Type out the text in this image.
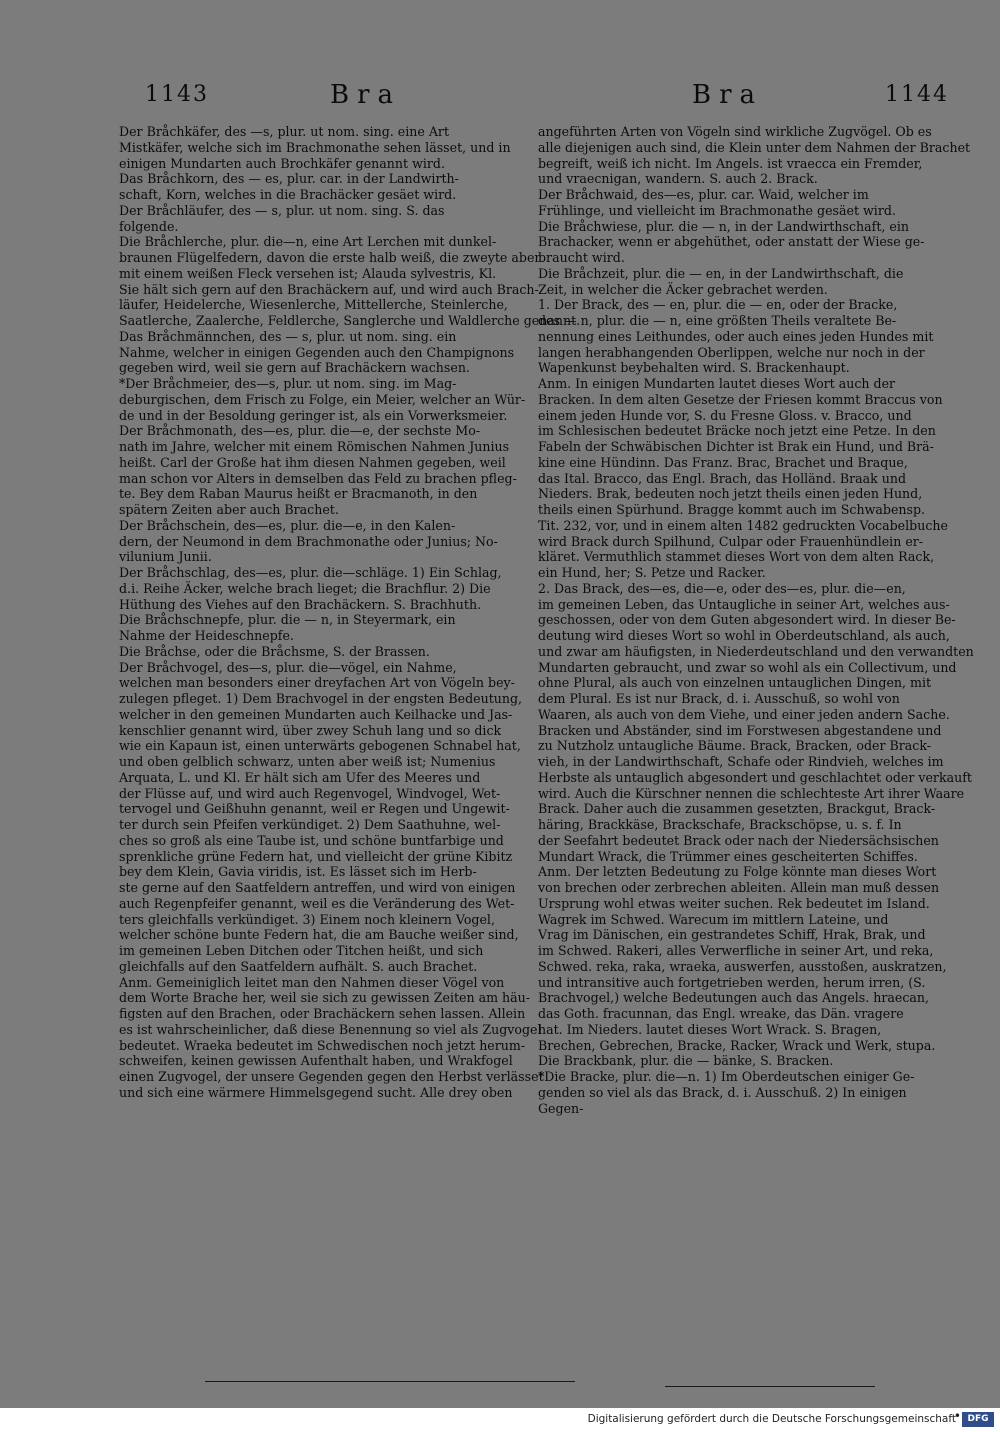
1143	Bra	Bra	1144
Der Bråchkäfer, des —s, plur. ut nom. sing. eine Art
Mistkäfer, welche sich im Brachmonathe sehen lässet, und in
einigen Mundarten auch Brochkäfer genannt wird.
Das Bråchkorn, des — es, plur. car. in der Landwirth-
schaft, Korn, welches in die Brachäcker gesäet wird.
Der Bråchläufer, des — s, plur. ut nom. sing. S. das
folgende.
Die Bråchlerche, plur. die—n, eine Art Lerchen mit dunkel-
braunen Flügelfedern, davon die erste halb weiß, die zweyte aber
mit einem weißen Fleck versehen ist; Alauda sylvestris, Kl.
Sie hält sich gern auf den Brachäckern auf, und wird auch Brach-
läufer, Heidelerche, Wiesenlerche, Mittellerche, Steinlerche,
Saatlerche, Zaalerche, Feldlerche, Sanglerche und Waldlerche genannt.
Das Bråchmännchen, des — s, plur. ut nom. sing. ein
Nahme, welcher in einigen Gegenden auch den Champignons
gegeben wird, weil sie gern auf Brachäckern wachsen.
*Der Bråchmeier, des—s, plur. ut nom. sing. im Mag-
deburgischen, dem Frisch zu Folge, ein Meier, welcher an Wür-
de und in der Besoldung geringer ist, als ein Vorwerksmeier.
Der Bråchmonath, des—es, plur. die—e, der sechste Mo-
nath im Jahre, welcher mit einem Römischen Nahmen Junius
heißt. Carl der Große hat ihm diesen Nahmen gegeben, weil
man schon vor Alters in demselben das Feld zu brachen pfleg-
te. Bey dem Raban Maurus heißt er Bracmanoth, in den
spätern Zeiten aber auch Brachet.
Der Bråchschein, des—es, plur. die—e, in den Kalen-
dern, der Neumond in dem Brachmonathe oder Junius; No-
vilunium Junii.
Der Bråchschlag, des—es, plur. die—schläge. 1) Ein Schlag,
d.i. Reihe Äcker, welche brach lieget; die Brachflur. 2) Die
Hüthung des Viehes auf den Brachäckern. S. Brachhuth.
Die Bråchschnepfe, plur. die — n, in Steyermark, ein
Nahme der Heideschnepfe.
Die Bråchse, oder die Bråchsme, S. der Brassen.
Der Bråchvogel, des—s, plur. die—vögel, ein Nahme,
welchen man besonders einer dreyfachen Art von Vögeln bey-
zulegen pfleget. 1) Dem Brachvogel in der engsten Bedeutung,
welcher in den gemeinen Mundarten auch Keilhacke und Jas-
kenschlier genannt wird, über zwey Schuh lang und so dick
wie ein Kapaun ist, einen unterwärts gebogenen Schnabel hat,
und oben gelblich schwarz, unten aber weiß ist; Numenius
Arquata, L. und Kl. Er hält sich am Ufer des Meeres und
der Flüsse auf, und wird auch Regenvogel, Windvogel, Wet-
tervogel und Geißhuhn genannt, weil er Regen und Ungewit-
ter durch sein Pfeifen verkündiget. 2) Dem Saathuhne, wel-
ches so groß als eine Taube ist, und schöne buntfarbige und
sprenkliche grüne Federn hat, und vielleicht der grüne Kibitz
bey dem Klein, Gavia viridis, ist. Es lässet sich im Herb-
ste gerne auf den Saatfeldern antreffen, und wird von einigen
auch Regenpfeifer genannt, weil es die Veränderung des Wet-
ters gleichfalls verkündiget. 3) Einem noch kleinern Vogel,
welcher schöne bunte Federn hat, die am Bauche weißer sind,
im gemeinen Leben Ditchen oder Titchen heißt, und sich
gleichfalls auf den Saatfeldern aufhält. S. auch Brachet.
Anm. Gemeiniglich leitet man den Nahmen dieser Vögel von
dem Worte Brache her, weil sie sich zu gewissen Zeiten am häu-
figsten auf den Brachen, oder Brachäckern sehen lassen. Allein
es ist wahrscheinlicher, daß diese Benennung so viel als Zugvogel
bedeutet. Wraeka bedeutet im Schwedischen noch jetzt herum-
schweifen, keinen gewissen Aufenthalt haben, und Wrakfogel
einen Zugvogel, der unsere Gegenden gegen den Herbst verlässet
und sich eine wärmere Himmelsgegend sucht. Alle drey oben
angeführten Arten von Vögeln sind wirkliche Zugvögel. Ob es
alle diejenigen auch sind, die Klein unter dem Nahmen der Brachet
begreift, weiß ich nicht. Im Angels. ist vraecca ein Fremder,
und vraecnigan, wandern. S. auch 2. Brack.
Der Bråchwaid, des—es, plur. car. Waid, welcher im
Frühlinge, und vielleicht im Brachmonathe gesäet wird.
Die Bråchwiese, plur. die — n, in der Landwirthschaft, ein
Brachacker, wenn er abgehüthet, oder anstatt der Wiese ge-
braucht wird.
Die Bråchzeit, plur. die — en, in der Landwirthschaft, die
Zeit, in welcher die Äcker gebrachet werden.
1. Der Brack, des — en, plur. die — en, oder der Bracke,
des — n, plur. die — n, eine größten Theils veraltete Be-
nennung eines Leithundes, oder auch eines jeden Hundes mit
langen herabhangenden Oberlippen, welche nur noch in der
Wapenkunst beybehalten wird. S. Brackenhaupt.
Anm. In einigen Mundarten lautet dieses Wort auch der
Bracken. In dem alten Gesetze der Friesen kommt Braccus von
einem jeden Hunde vor, S. du Fresne Gloss. v. Bracco, und
im Schlesischen bedeutet Bräcke noch jetzt eine Petze. In den
Fabeln der Schwäbischen Dichter ist Brak ein Hund, und Brä-
kine eine Hündinn. Das Franz. Brac, Brachet und Braque,
das Ital. Bracco, das Engl. Brach, das Holländ. Braak und
Nieders. Brak, bedeuten noch jetzt theils einen jeden Hund,
theils einen Spürhund. Bragge kommt auch im Schwabensp.
Tit. 232, vor, und in einem alten 1482 gedruckten Vocabelbuche
wird Brack durch Spilhund, Culpar oder Frauenhündlein er-
kläret. Vermuthlich stammet dieses Wort von dem alten Rack,
ein Hund, her; S. Petze und Racker.
2. Das Brack, des—es, die—e, oder des—es, plur. die—en,
im gemeinen Leben, das Untaugliche in seiner Art, welches aus-
geschossen, oder von dem Guten abgesondert wird. In dieser Be-
deutung wird dieses Wort so wohl in Oberdeutschland, als auch,
und zwar am häufigsten, in Niederdeutschland und den verwandten
Mundarten gebraucht, und zwar so wohl als ein Collectivum, und
ohne Plural, als auch von einzelnen untauglichen Dingen, mit
dem Plural. Es ist nur Brack, d. i. Ausschuß, so wohl von
Waaren, als auch von dem Viehe, und einer jeden andern Sache.
Bracken und Abständer, sind im Forstwesen abgestandene und
zu Nutzholz untaugliche Bäume. Brack, Bracken, oder Brack-
vieh, in der Landwirthschaft, Schafe oder Rindvieh, welches im
Herbste als untauglich abgesondert und geschlachtet oder verkauft
wird. Auch die Kürschner nennen die schlechteste Art ihrer Waare
Brack. Daher auch die zusammen gesetzten, Brackgut, Brack-
häring, Brackkäse, Brackschafe, Brackschöpse, u. s. f. In
der Seefahrt bedeutet Brack oder nach der Niedersächsischen
Mundart Wrack, die Trümmer eines gescheiterten Schiffes.
Anm. Der letzten Bedeutung zu Folge könnte man dieses Wort
von brechen oder zerbrechen ableiten. Allein man muß dessen
Ursprung wohl etwas weiter suchen. Rek bedeutet im Island.
Wagrek im Schwed. Warecum im mittlern Lateine, und
Vrag im Dänischen, ein gestrandetes Schiff, Hrak, Brak, und
im Schwed. Rakeri, alles Verwerfliche in seiner Art, und reka,
Schwed. reka, raka, wraeka, auswerfen, ausstoßen, auskratzen,
und intransitive auch fortgetrieben werden, herum irren, (S.
Brachvogel,) welche Bedeutungen auch das Angels. hraecan,
das Goth. fracunnan, das Engl. wreake, das Dän. vragere
hat. Im Nieders. lautet dieses Wort Wrack. S. Bragen,
Brechen, Gebrechen, Bracke, Racker, Wrack und Werk, stupa.
Die Brackbank, plur. die — bänke, S. Bracken.
*Die Bracke, plur. die—n. 1) Im Oberdeutschen einiger Ge-
genden so viel als das Brack, d. i. Ausschuß. 2) In einigen
Gegen-
Digitalisierung gefördert durch die Deutsche Forschungsgemeinschaft
• DFG
